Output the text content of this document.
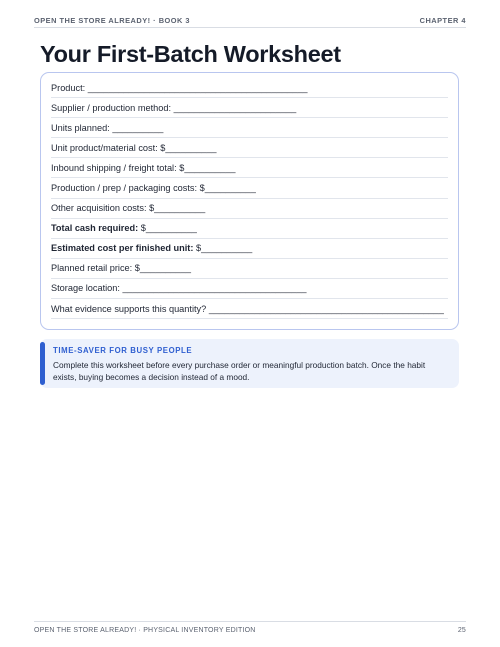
OPEN THE STORE ALREADY! · BOOK 3	CHAPTER 4
Your First-Batch Worksheet
Product:
___________________________________________
Supplier / production method:
________________________
Units planned:
__________
Unit product/material cost:
$__________
Inbound shipping / freight total:
$__________
Production / prep / packaging costs:
$__________
Other acquisition costs:
$__________
Total cash required:
$__________
Estimated cost per finished unit:
$__________
Planned retail price:
$__________
Storage location:
____________________________________
What evidence supports this quantity?
______________________________________________
TIME-SAVER FOR BUSY PEOPLE
Complete this worksheet before every purchase order or meaningful production batch. Once the habit exists, buying becomes a decision instead of a mood.
OPEN THE STORE ALREADY! · PHYSICAL INVENTORY EDITION	25
